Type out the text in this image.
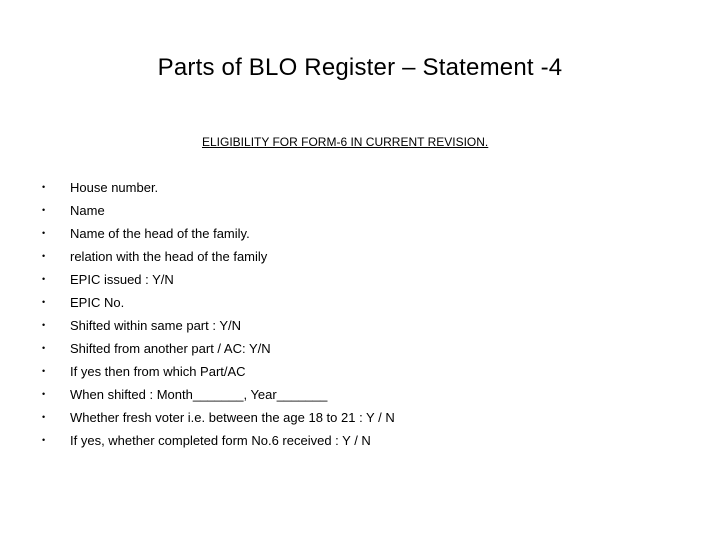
Parts of BLO Register – Statement -4

ELIGIBILITY FOR FORM-6 IN CURRENT REVISION.

•	House number.
•	Name
•	Name of the head of the family.
•	relation with the head of the family
•	EPIC issued : Y/N
•	EPIC No.
•	Shifted within same part : Y/N
•	Shifted from another part / AC: Y/N
•	If yes then from which Part/AC
•	When shifted : Month_______, Year_______
•	Whether fresh voter i.e. between the age 18 to 21 : Y / N
•	If yes, whether completed form No.6 received : Y / N
